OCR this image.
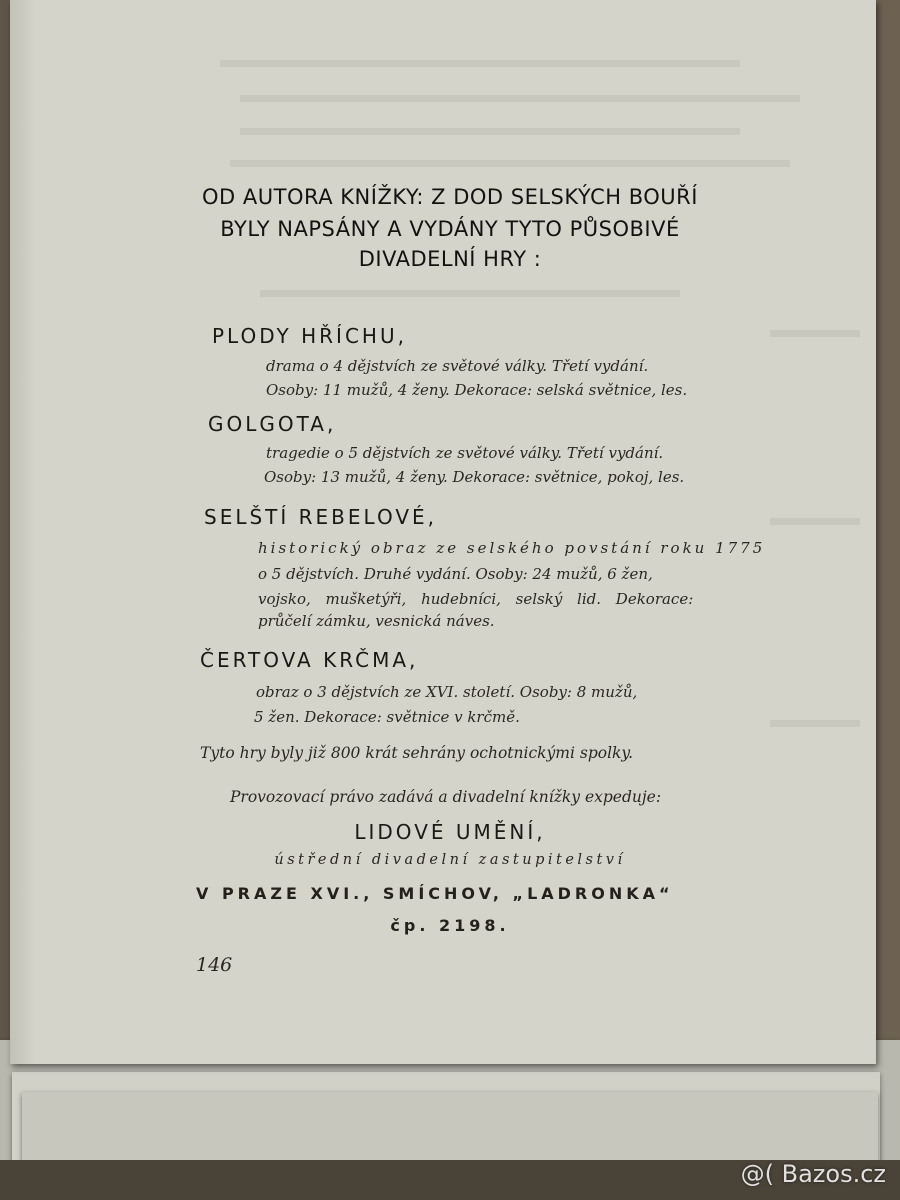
OD AUTORA KNÍŽKY: Z DOD SELSKÝCH BOUŘÍ

BYLY NAPSÁNY A VYDÁNY TYTO PŮSOBIVÉ

DIVADELNÍ HRY :

PLODY HŘÍCHU,

drama o 4 dějstvích ze světové války. Třetí vydání.

Osoby: 11 mužů, 4 ženy. Dekorace: selská světnice, les.

GOLGOTA,

tragedie o 5 dějstvích ze světové války. Třetí vydání.

Osoby: 13 mužů, 4 ženy. Dekorace: světnice, pokoj, les.

SELŠTÍ REBELOVÉ,

historický obraz ze selského povstání roku 1775

o 5 dějstvích. Druhé vydání. Osoby: 24 mužů, 6 žen,

vojsko, mušketýři, hudebníci, selský lid. Dekorace:

průčelí zámku, vesnická náves.

ČERTOVA KRČMA,

obraz o 3 dějstvích ze XVI. století. Osoby: 8 mužů,

5 žen. Dekorace: světnice v krčmě.

Tyto hry byly již 800 krát sehrány ochotnickými spolky.

Provozovací právo zadává a divadelní knížky expeduje:

LIDOVÉ UMĚNÍ,

ústřední divadelní zastupitelství

V PRAZE XVI., SMÍCHOV, „LADRONKA“

čp. 2198.

146

@( Bazos.cz
